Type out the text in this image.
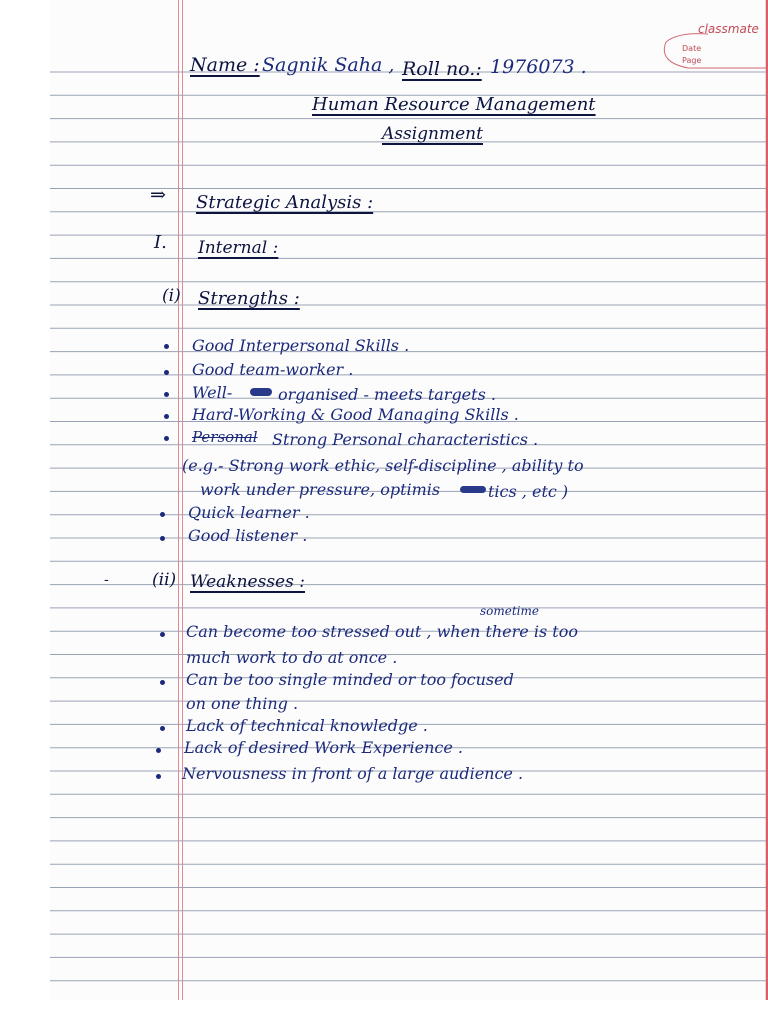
classmate
Date
Page
Name : Sagnik Saha , Roll no.: 1976073 .
Human Resource Management
Assignment
⇒ Strategic Analysis :
I. Internal :
(i) Strengths :
Good Interpersonal Skills .
Good team-worker .
Well-	organised - meets targets .
Hard-Working & Good Managing Skills .
Personal Strong Personal characteristics .
(e.g.- Strong work ethic, self-discipline , ability to
work under pressure, optimis	tics , etc )
Quick learner .
Good listener .
-	(ii) Weaknesses :
sometime
Can become too stressed out , when there is too
much work to do at once .
Can be too single minded or too focused
on one thing .
Lack of technical knowledge .
Lack of desired Work Experience .
Nervousness in front of a large audience .
